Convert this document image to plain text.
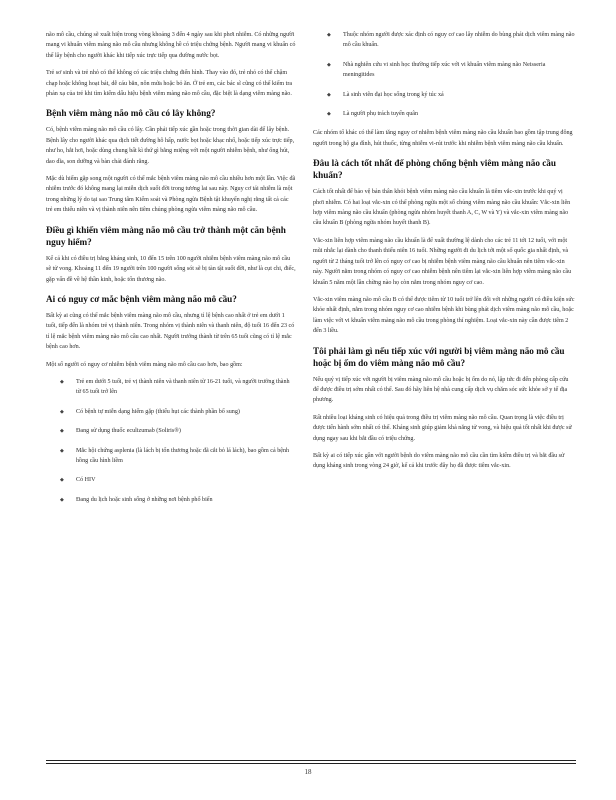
não mô cầu, chúng sẽ xuất hiện trong vòng khoảng 3 đến 4 ngày sau khi phơi nhiễm. Có những người mang vi khuẩn viêm màng não mô cầu nhưng không hề có triệu chứng bệnh. Người mang vi khuẩn có thể lây bệnh cho người khác khi tiếp xúc trực tiếp qua đường nước bọt.

Trẻ sơ sinh và trẻ nhỏ có thể không có các triệu chứng điển hình. Thay vào đó, trẻ nhỏ có thể chậm chạp hoặc không hoạt bát, dễ cáu bẳn, nôn mửa hoặc bỏ ăn. Ở trẻ em, các bác sĩ cũng có thể kiểm tra phản xạ của trẻ khi tìm kiếm dấu hiệu bệnh viêm màng não mô cầu, đặc biệt là dạng viêm màng não.

Bệnh viêm màng não mô cầu có lây không?

Có, bệnh viêm màng não mô cầu có lây. Cần phải tiếp xúc gần hoặc trong thời gian dài để lây bệnh. Bệnh lây cho người khác qua dịch tiết đường hô hấp, nước bọt hoặc khạc nhổ, hoặc tiếp xúc trực tiếp, như ho, hắt hơi, hoặc dùng chung bất kì thứ gì bằng miệng với một người nhiễm bệnh, như ống hút, dao dĩa, son dưỡng và bàn chải đánh răng.

Mặc dù hiếm gặp song một người có thể mắc bệnh viêm màng não mô cầu nhiều hơn một lần. Việc đã nhiễm trước đó không mang lại miễn dịch suốt đời trong tương lai sau này. Nguy cơ tái nhiễm là một trong những lý do tại sao Trung tâm Kiểm soát và Phòng ngừa Bệnh tật khuyến nghị rằng tất cả các trẻ em thiếu niên và vị thành niên nên tiêm chủng phòng ngừa viêm màng não mô cầu.

Điều gì khiến viêm màng não mô cầu trở thành một căn bệnh nguy hiểm?

Kể cả khi có điều trị bằng kháng sinh, 10 đến 15 trên 100 người nhiễm bệnh viêm màng não mô cầu sẽ tử vong. Khoảng 11 đến 19 người trên 100 người sống sót sẽ bị tàn tật suốt đời, như là cụt chi, điếc, gặp vấn đề về hệ thần kinh, hoặc tổn thương não.

Ai có nguy cơ mắc bệnh viêm màng não mô cầu?

Bất kỳ ai cũng có thể mắc bệnh viêm màng não mô cầu, nhưng tỉ lệ bệnh cao nhất ở trẻ em dưới 1 tuổi, tiếp đến là nhóm trẻ vị thành niên. Trong nhóm vị thành niên và thanh niên, độ tuổi 16 đến 23 có tỉ lệ mắc bệnh viêm màng não mô cầu cao nhất. Người trưởng thành từ trên 65 tuổi cũng có tỉ lệ mắc bệnh cao hơn.

Một số người có nguy cơ nhiễm bệnh viêm màng não mô cầu cao hơn, bao gồm:

◆ Trẻ em dưới 5 tuổi, trẻ vị thành niên và thanh niên từ 16-21 tuổi, và người trưởng thành từ 65 tuổi trở lên
◆ Có bệnh tự miễn dạng hiếm gặp (thiếu hụt các thành phần bổ sung)
◆ Đang sử dụng thuốc eculizumab (Soliris®)
◆ Mắc hội chứng asplenia (là lách bị tổn thương hoặc đã cắt bỏ lá lách), bao gồm cả bệnh hồng cầu hình liềm
◆ Có HIV
◆ Đang du lịch hoặc sinh sống ở những nơi bệnh phổ biến
◆ Thuộc nhóm người được xác định có nguy cơ cao lây nhiễm do bùng phát dịch viêm màng não mô cầu khuẩn.
◆ Nhà nghiên cứu vi sinh học thường tiếp xúc với vi khuẩn viêm màng não Neisseria meningitides
◆ Là sinh viên đại học sống trong ký túc xá
◆ Là người phụ trách tuyển quân

Các nhóm tổ khác có thể làm tăng nguy cơ nhiễm bệnh viêm màng não cầu khuẩn bao gồm tập trung đông người trong hộ gia đình, hút thuốc, từng nhiễm vi-rút trước khi nhiễm bệnh viêm màng não cầu khuẩn.

Đâu là cách tốt nhất để phòng chống bệnh viêm màng não cầu khuẩn?

Cách tốt nhất để bảo vệ bản thân khỏi bệnh viêm màng não cầu khuẩn là tiêm vắc-xin trước khi quý vị phơi nhiễm. Có hai loại vắc-xin có thể phòng ngừa một số chủng viêm màng não cầu khuẩn: Vắc-xin liên hợp viêm màng não cầu khuẩn (phòng ngừa nhóm huyết thanh A, C, W và Y) và vắc-xin viêm màng não cầu khuẩn B (phòng ngừa nhóm huyết thanh B).

Vắc-xin liên hợp viêm màng não cầu khuẩn là để xuất thường lệ dành cho các trẻ 11 tới 12 tuổi, với một mũi nhắc lại dành cho thanh thiếu niên 16 tuổi. Những người đi du lịch tới một số quốc gia nhất định, và người từ 2 tháng tuổi trở lên có nguy cơ cao bị nhiễm bệnh viêm màng não cầu khuẩn nên tiêm vắc-xin này. Người nằm trong nhóm có nguy cơ cao nhiễm bệnh nên tiêm lại vắc-xin liên hợp viêm màng não cầu khuẩn 5 năm một lần chừng nào họ còn nằm trong nhóm nguy cơ cao.

Vắc-xin viêm màng não mô cầu B có thể được tiêm từ 10 tuổi trở lên đối với những người có điều kiện sức khỏe nhất định, nằm trong nhóm nguy cơ cao nhiễm bệnh khi bùng phát dịch viêm màng não mô cầu, hoặc làm việc với vi khuẩn viêm màng não mô cầu trong phòng thí nghiệm. Loại vắc-xin này cần được tiêm 2 đến 3 liều.

Tôi phải làm gì nếu tiếp xúc với người bị viêm màng não mô cầu hoặc bị ốm do viêm màng não mô cầu?

Nếu quý vị tiếp xúc với người bị viêm màng não mô cầu hoặc bị ốm do nó, lập tức đi đến phòng cấp cứu để được điều trị sớm nhất có thể. Sau đó hãy liên hệ nhà cung cấp dịch vụ chăm sóc sức khỏe sở y tế địa phương.

Rất nhiều loại kháng sinh có hiệu quả trong điều trị viêm màng não mô cầu. Quan trọng là việc điều trị được tiến hành sớm nhất có thể. Kháng sinh giúp giảm khả năng tử vong, và hiệu quả tốt nhất khi được sử dụng ngay sau khi bắt đầu có triệu chứng.

Bất kỳ ai có tiếp xúc gần với người bệnh do viêm màng não mô cầu cần tìm kiếm điều trị và bắt đầu sử dụng kháng sinh trong vòng 24 giờ, kể cả khi trước đây họ đã được tiêm vắc-xin.

18
